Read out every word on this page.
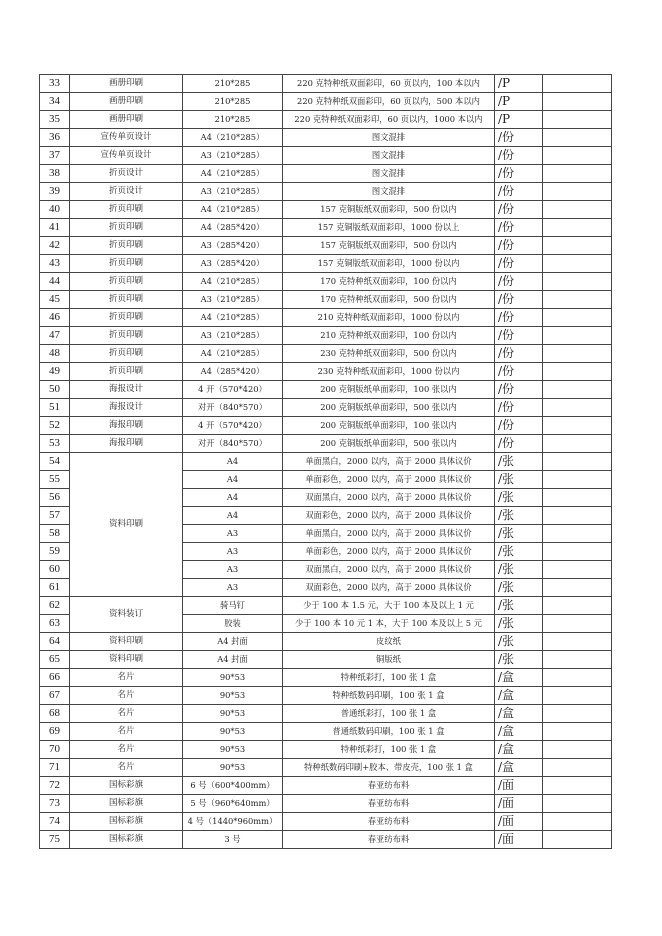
33	画册印刷	210*285	220 克特种纸双面彩印，60 页以内，100 本以内	/P	
34	画册印刷	210*285	220 克特种纸双面彩印，60 页以内，500 本以内	/P	
35	画册印刷	210*285	220 克特种纸双面彩印，60 页以内，1000 本以内	/P	
36	宣传单页设计	A4（210*285）	图文混排	/份	
37	宣传单页设计	A3（210*285）	图文混排	/份	
38	折页设计	A4（210*285）	图文混排	/份	
39	折页设计	A3（210*285）	图文混排	/份	
40	折页印刷	A4（210*285）	157 克铜版纸双面彩印，500 份以内	/份	
41	折页印刷	A4（285*420）	157 克铜版纸双面彩印，1000 份以上	/份	
42	折页印刷	A3（285*420）	157 克铜版纸双面彩印，500 份以内	/份	
43	折页印刷	A3（285*420）	157 克铜版纸双面彩印，1000 份以内	/份	
44	折页印刷	A4（210*285）	170 克特种纸双面彩印，100 份以内	/份	
45	折页印刷	A3（210*285）	170 克特种纸双面彩印，500 份以内	/份	
46	折页印刷	A4（210*285）	210 克特种纸双面彩印，1000 份以内	/份	
47	折页印刷	A3（210*285）	210 克特种纸双面彩印，100 份以内	/份	
48	折页印刷	A4（210*285）	230 克特种纸双面彩印，500 份以内	/份	
49	折页印刷	A4（285*420）	230 克特种纸双面彩印，1000 份以内	/份	
50	海报设计	4 开（570*420）	200 克铜版纸单面彩印，100 张以内	/份	
51	海报设计	对开（840*570）	200 克铜版纸单面彩印，500 张以内	/份	
52	海报印刷	4 开（570*420）	200 克铜版纸单面彩印，100 张以内	/份	
53	海报印刷	对开（840*570）	200 克铜版纸单面彩印，500 张以内	/份	
54	资料印刷	A4	单面黑白，2000 以内，高于 2000 具体议价	/张	
55		A4	单面彩色，2000 以内，高于 2000 具体议价	/张	
56		A4	双面黑白，2000 以内，高于 2000 具体议价	/张	
57		A4	双面彩色，2000 以内，高于 2000 具体议价	/张	
58		A3	单面黑白，2000 以内，高于 2000 具体议价	/张	
59		A3	单面彩色，2000 以内，高于 2000 具体议价	/张	
60		A3	双面黑白，2000 以内，高于 2000 具体议价	/张	
61		A3	双面彩色，2000 以内，高于 2000 具体议价	/张	
62	资料装订	骑马钉	少于 100 本 1.5 元，大于 100 本及以上 1 元	/张	
63		胶装	少于 100 本 10 元 1 本，大于 100 本及以上 5 元	/张	
64	资料印刷	A4 封面	皮纹纸	/张	
65	资料印刷	A4 封面	铜版纸	/张	
66	名片	90*53	特种纸彩打，100 张 1 盒	/盒	
67	名片	90*53	特种纸数码印刷，100 张 1 盒	/盒	
68	名片	90*53	普通纸彩打，100 张 1 盒	/盒	
69	名片	90*53	普通纸数码印刷，100 张 1 盒	/盒	
70	名片	90*53	特种纸彩打，100 张 1 盒	/盒	
71	名片	90*53	特种纸数码印刷+胶本、带皮壳，100 张 1 盒	/盒	
72	国标彩旗	6 号（600*400mm）	春亚纺布料	/面	
73	国标彩旗	5 号（960*640mm）	春亚纺布料	/面	
74	国标彩旗	4 号（1440*960mm）	春亚纺布料	/面	
75	国标彩旗	3 号	春亚纺布料	/面	
